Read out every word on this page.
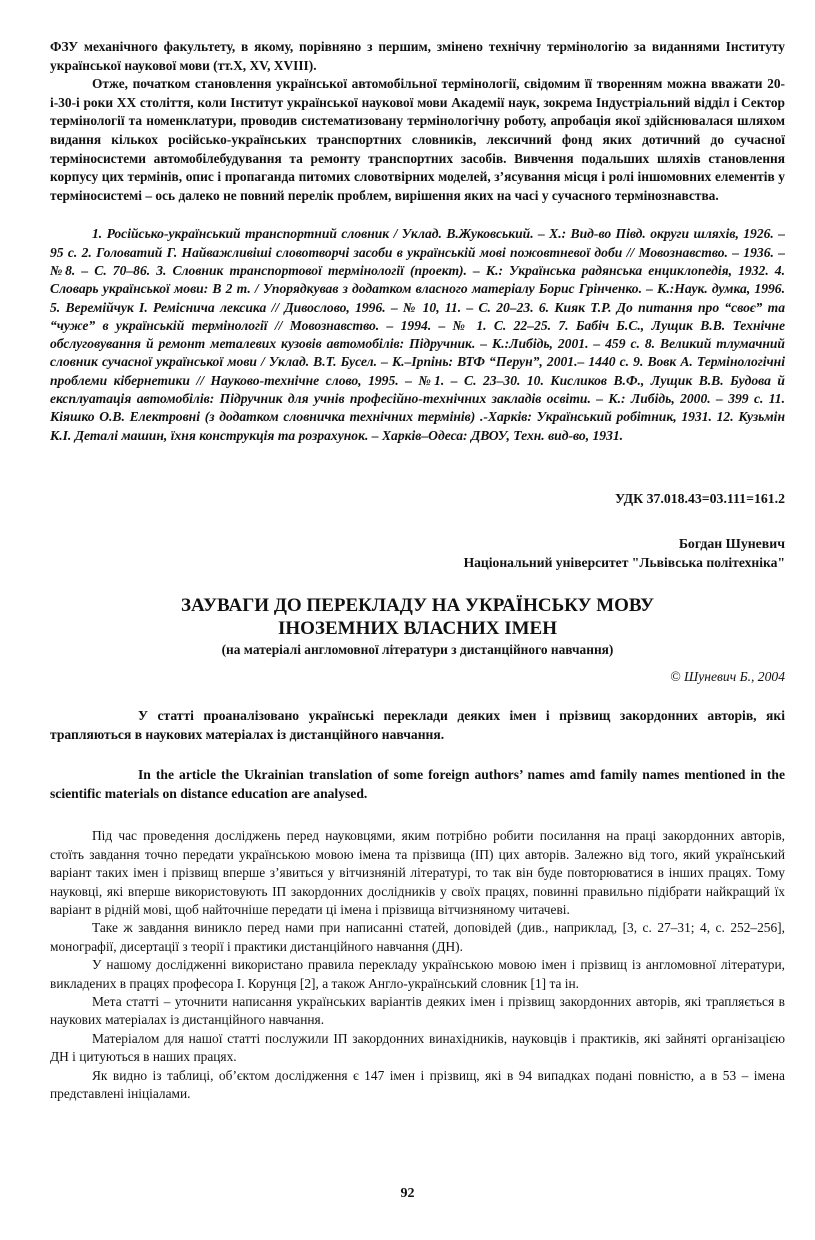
ФЗУ механічного факультету, в якому, порівняно з першим, змінено технічну термінологію за виданнями Інституту української наукової мови (тт.X, XV, XVIII).

Отже, початком становлення української автомобільної термінології, свідомим її творенням можна вважати 20-і-30-і роки XX століття, коли Інститут української наукової мови Академії наук, зокрема Індустріальний відділ і Сектор термінології та номенклатури, проводив систематизовану термінологічну роботу, апробація якої здійснювалася шляхом видання кількох російсько-українських транспортних словників, лексичний фонд яких дотичний до сучасної терміносистеми автомобілебудування та ремонту транспортних засобів. Вивчення подальших шляхів становлення корпусу цих термінів, опис і пропаганда питомих словотвірних моделей, з’ясування місця і ролі іншомовних елементів у терміносистемі – ось далеко не повний перелік проблем, вирішення яких на часі у сучасного термінознавства.

1. Російсько-український транспортний словник / Уклад. В.Жуковський. – Х.: Вид-во Півд. округи шляхів, 1926. – 95 с. 2. Головатий Г. Найважливіші словотворчі засоби в українській мові пожовтневої доби // Мовознавство. – 1936. – №8. – С. 70–86. 3. Словник транспортової термінології (проект). – К.: Українська радянська енциклопедія, 1932. 4. Словарь української мови: В 2 т. / Упорядкував з додатком власного матеріалу Борис Грінченко. – К.:Наук. думка, 1996. 5. Веремійчук І. Реміснича лексика // Дивослово, 1996. – № 10, 11. – С. 20–23. 6. Кияк Т.Р. До питання про “своє” та “чуже” в українській термінології // Мовознавство. – 1994. – № 1. С. 22–25. 7. Бабіч Б.С., Лущик В.В. Технічне обслуговування й ремонт металевих кузовів автомобілів: Підручник. – К.:Либідь, 2001. – 459 с. 8. Великий тлумачний словник сучасної української мови / Уклад. В.Т. Бусел. – К.–Ірпінь: ВТФ “Перун”, 2001.– 1440 с. 9. Вовк А. Термінологічні проблеми кібернетики // Науково-технічне слово, 1995. – №1. – С. 23–30. 10. Кисликов В.Ф., Лущик В.В. Будова й експлуатація автомобілів: Підручник для учнів професійно-технічних закладів освіти. – К.: Либідь, 2000. – 399 с. 11. Кіяшко О.В. Електровні (з додатком словничка технічних термінів) .-Харків: Український робітник, 1931. 12. Кузьмін К.І. Деталі машин, їхня конструкція та розрахунок. – Харків–Одеса: ДВОУ, Техн. вид-во, 1931.
УДК 37.018.43=03.111=161.2
Богдан Шуневич
Національний університет "Львівська політехніка"
ЗАУВАГИ ДО ПЕРЕКЛАДУ НА УКРАЇНСЬКУ МОВУ
ІНОЗЕМНИХ ВЛАСНИХ ІМЕН
(на матеріалі англомовної літератури з дистанційного навчання)
© Шуневич Б., 2004
У статті проаналізовано українські переклади деяких імен і прізвищ закордонних авторів, які трапляються в наукових матеріалах із дистанційного навчання.
In the article the Ukrainian translation of some foreign authors’ names amd family names mentioned in the scientific materials on distance education are analysed.

Під час проведення досліджень перед науковцями, яким потрібно робити посилання на праці закордонних авторів, стоїть завдання точно передати українською мовою імена та прізвища (ІП) цих авторів. Залежно від того, який український варіант таких імен і прізвищ вперше з’явиться у вітчизняній літературі, то так він буде повторюватися в інших працях. Тому науковці, які вперше використовують ІП закордонних дослідників у своїх працях, повинні правильно підібрати найкращий їх варіант в рідній мові, щоб найточніше передати ці імена і прізвища вітчизняному читачеві.

Таке ж завдання виникло перед нами при написанні статей, доповідей (див., наприклад, [3, с. 27–31; 4, с. 252–256], монографії, дисертації з теорії і практики дистанційного навчання (ДН).

У нашому дослідженні використано правила перекладу українською мовою імен і прізвищ із англомовної літератури, викладених в працях професора І. Корунця [2], а також Англо-український словник [1] та ін.

Мета статті – уточнити написання українських варіантів деяких імен і прізвищ закордонних авторів, які трапляється в наукових матеріалах із дистанційного навчання.

Матеріалом для нашої статті послужили ІП закордонних винахідників, науковців і практиків, які зайняті організацією ДН і цитуються в наших працях.

Як видно із таблиці, об’єктом дослідження є 147 імен і прізвищ, які в 94 випадках подані повністю, а в 53 – імена представлені ініціалами.

92
